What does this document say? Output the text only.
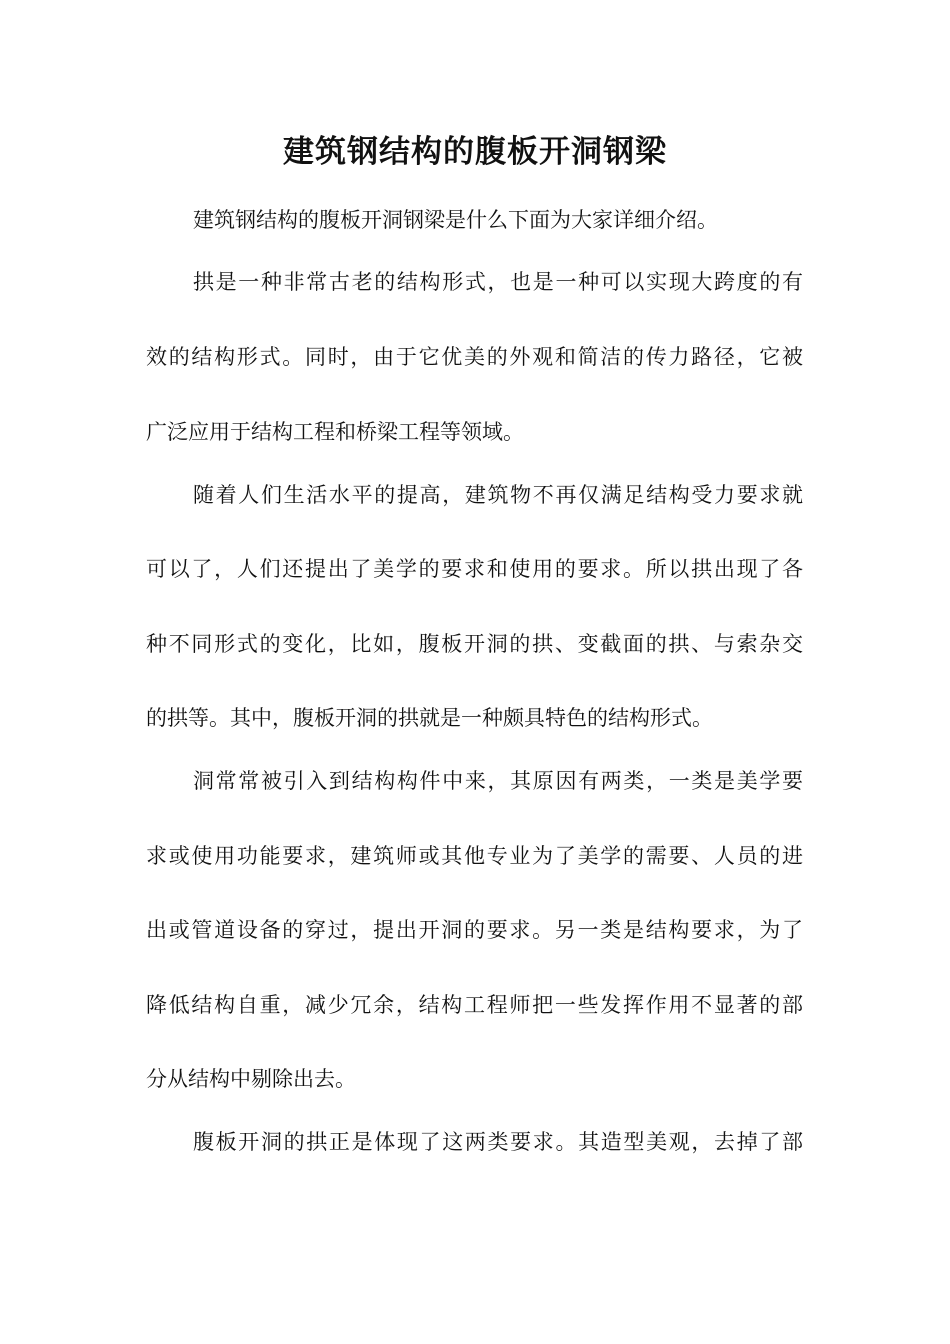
建筑钢结构的腹板开洞钢梁
建筑钢结构的腹板开洞钢梁是什么下面为大家详细介绍。
拱是一种非常古老的结构形式，也是一种可以实现大跨度的有
效的结构形式。同时，由于它优美的外观和简洁的传力路径，它被
广泛应用于结构工程和桥梁工程等领域。
随着人们生活水平的提高，建筑物不再仅满足结构受力要求就
可以了，人们还提出了美学的要求和使用的要求。所以拱出现了各
种不同形式的变化，比如，腹板开洞的拱、变截面的拱、与索杂交
的拱等。其中，腹板开洞的拱就是一种颇具特色的结构形式。
洞常常被引入到结构构件中来，其原因有两类，一类是美学要
求或使用功能要求，建筑师或其他专业为了美学的需要、人员的进
出或管道设备的穿过，提出开洞的要求。另一类是结构要求，为了
降低结构自重，减少冗余，结构工程师把一些发挥作用不显著的部
分从结构中剔除出去。
腹板开洞的拱正是体现了这两类要求。其造型美观，去掉了部
